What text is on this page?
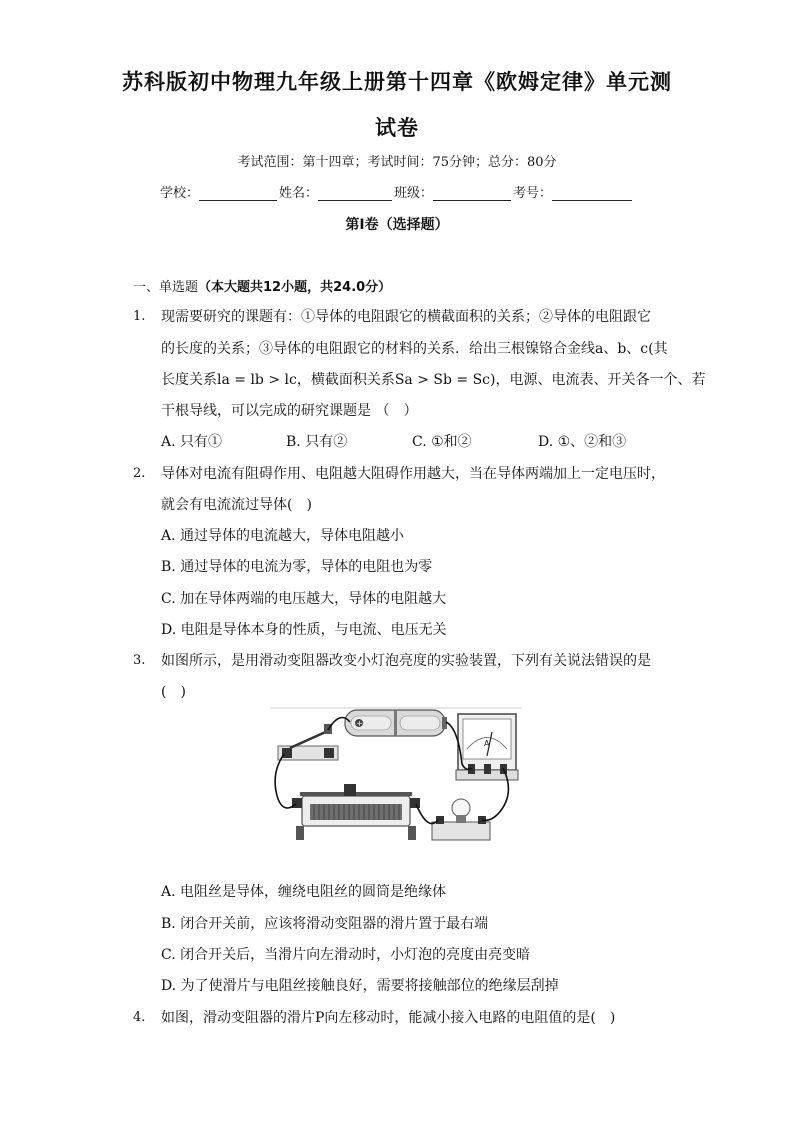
苏科版初中物理九年级上册第十四章《欧姆定律》单元测
试卷
考试范围：第十四章；考试时间：75分钟；总分：80分
学校：	姓名：	班级：	考号：
第Ⅰ卷（选择题）
一、单选题（本大题共12小题，共24.0分）
1. 现需要研究的课题有：①导体的电阻跟它的横截面积的关系；②导体的电阻跟它
的长度的关系；③导体的电阻跟它的材料的关系．给出三根镍铬合金线a、b、c(其
长度关系la = lb > lc，横截面积关系Sa > Sb = Sc)，电源、电流表、开关各一个、若
干根导线，可以完成的研究课题是 （　）
A. 只有①	B. 只有②	C. ①和②	D. ①、②和③
2. 导体对电流有阻碍作用、电阻越大阻碍作用越大，当在导体两端加上一定电压时，
就会有电流流过导体(　)
A. 通过导体的电流越大，导体电阻越小
B. 通过导体的电流为零，导体的电阻也为零
C. 加在导体两端的电压越大，导体的电阻越大
D. 电阻是导体本身的性质，与电流、电压无关
3. 如图所示，是用滑动变阻器改变小灯泡亮度的实验装置，下列有关说法错误的是
(　)
+
A
A. 电阻丝是导体，缠绕电阻丝的圆筒是绝缘体
B. 闭合开关前，应该将滑动变阻器的滑片置于最右端
C. 闭合开关后，当滑片向左滑动时，小灯泡的亮度由亮变暗
D. 为了使滑片与电阻丝接触良好，需要将接触部位的绝缘层刮掉
4. 如图，滑动变阻器的滑片P向左移动时，能减小接入电路的电阻值的是(　)
